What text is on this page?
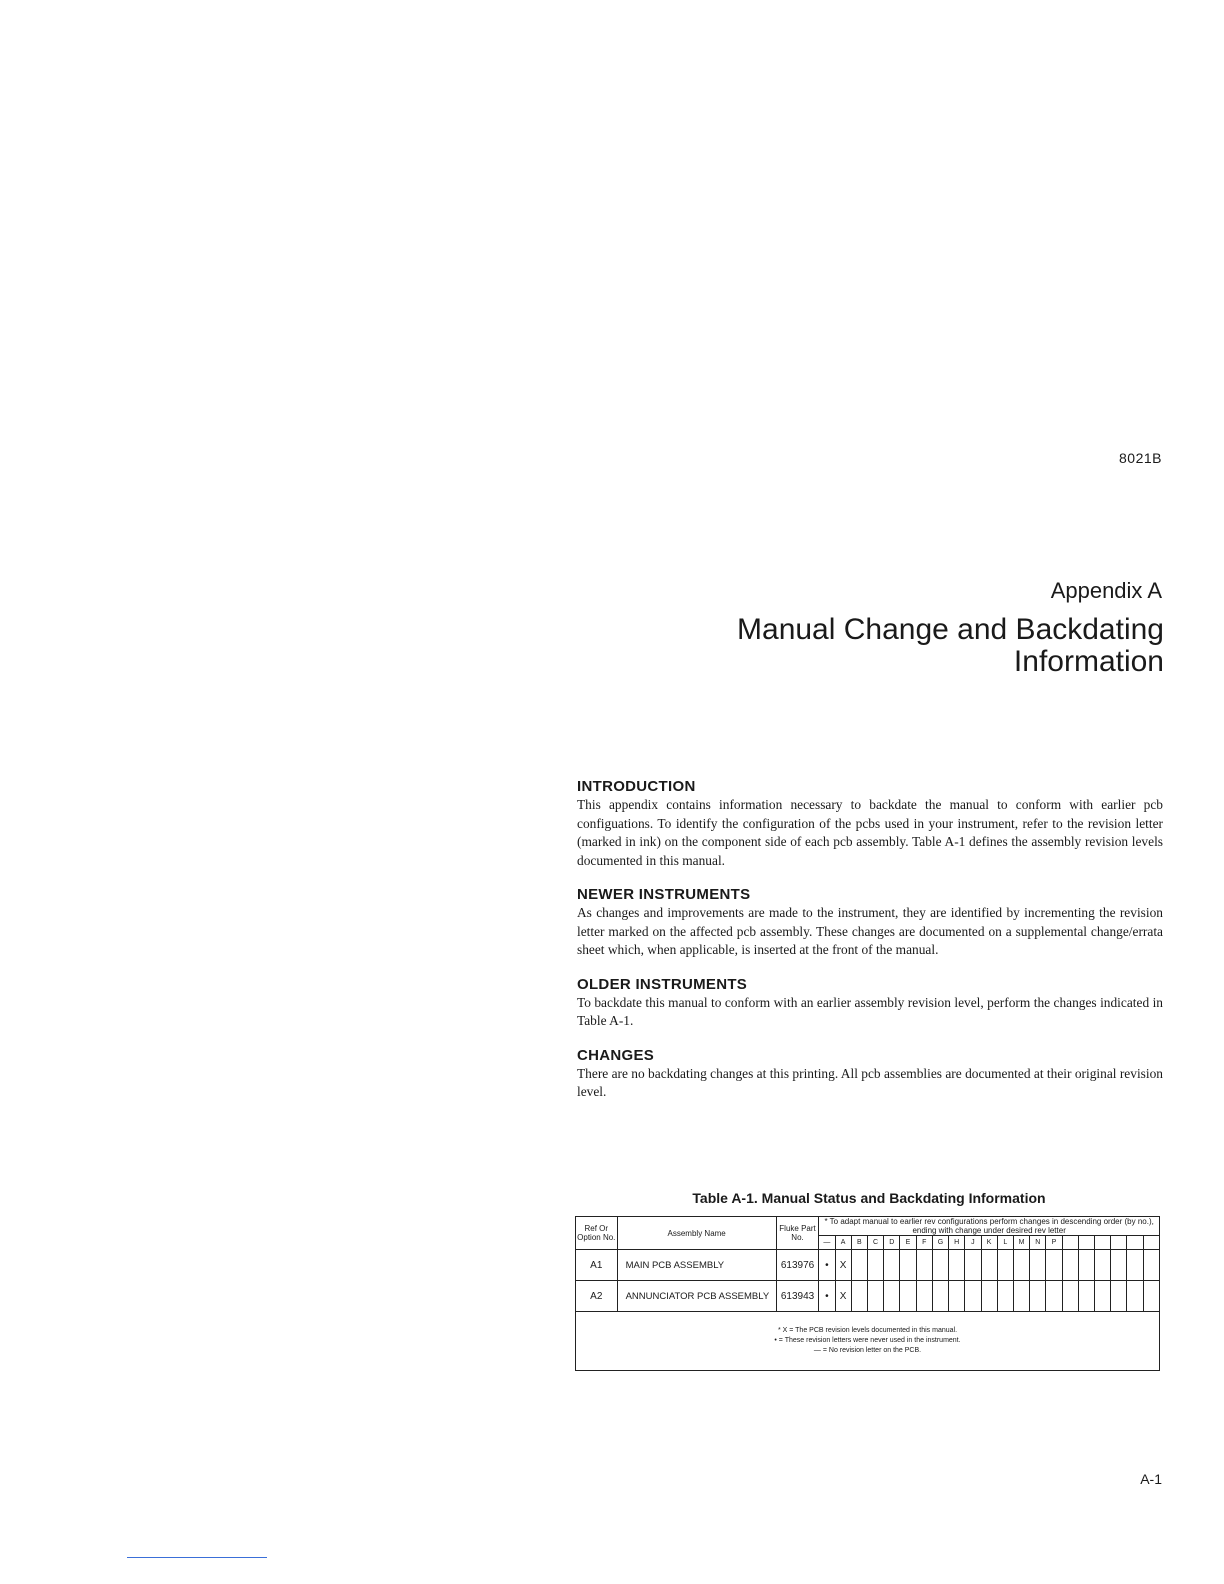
8021B
Appendix A
Manual Change and Backdating
Information
INTRODUCTION

This appendix contains information necessary to backdate the manual to conform with earlier pcb configuations. To identify the configuration of the pcbs used in your instrument, refer to the revision letter (marked in ink) on the component side of each pcb assembly. Table A-1 defines the assembly revision levels documented in this manual.

NEWER INSTRUMENTS

As changes and improvements are made to the instrument, they are identified by incrementing the revision letter marked on the affected pcb assembly. These changes are documented on a supplemental change/errata sheet which, when applicable, is inserted at the front of the manual.

OLDER INSTRUMENTS

To backdate this manual to conform with an earlier assembly revision level, perform the changes indicated in Table A-1.

CHANGES

There are no backdating changes at this printing. All pcb assemblies are documented at their original revision level.

Table A-1. Manual Status and Backdating Information
Ref Or Option No.	Assembly Name	Fluke Part No.	* To adapt manual to earlier rev configurations perform changes in descending order (by no.), ending with change under desired rev letter																				
			—	A	B	C	D	E	F	G	H	J	K	L	M	N	P						
A1	MAIN PCB ASSEMBLY	613976	•	X																			
A2	ANNUNCIATOR PCB ASSEMBLY	613943	•	X																			

* X = The PCB revision levels documented in this manual.
• = These revision letters were never used in the instrument.
— = No revision letter on the PCB.																							
A-1
